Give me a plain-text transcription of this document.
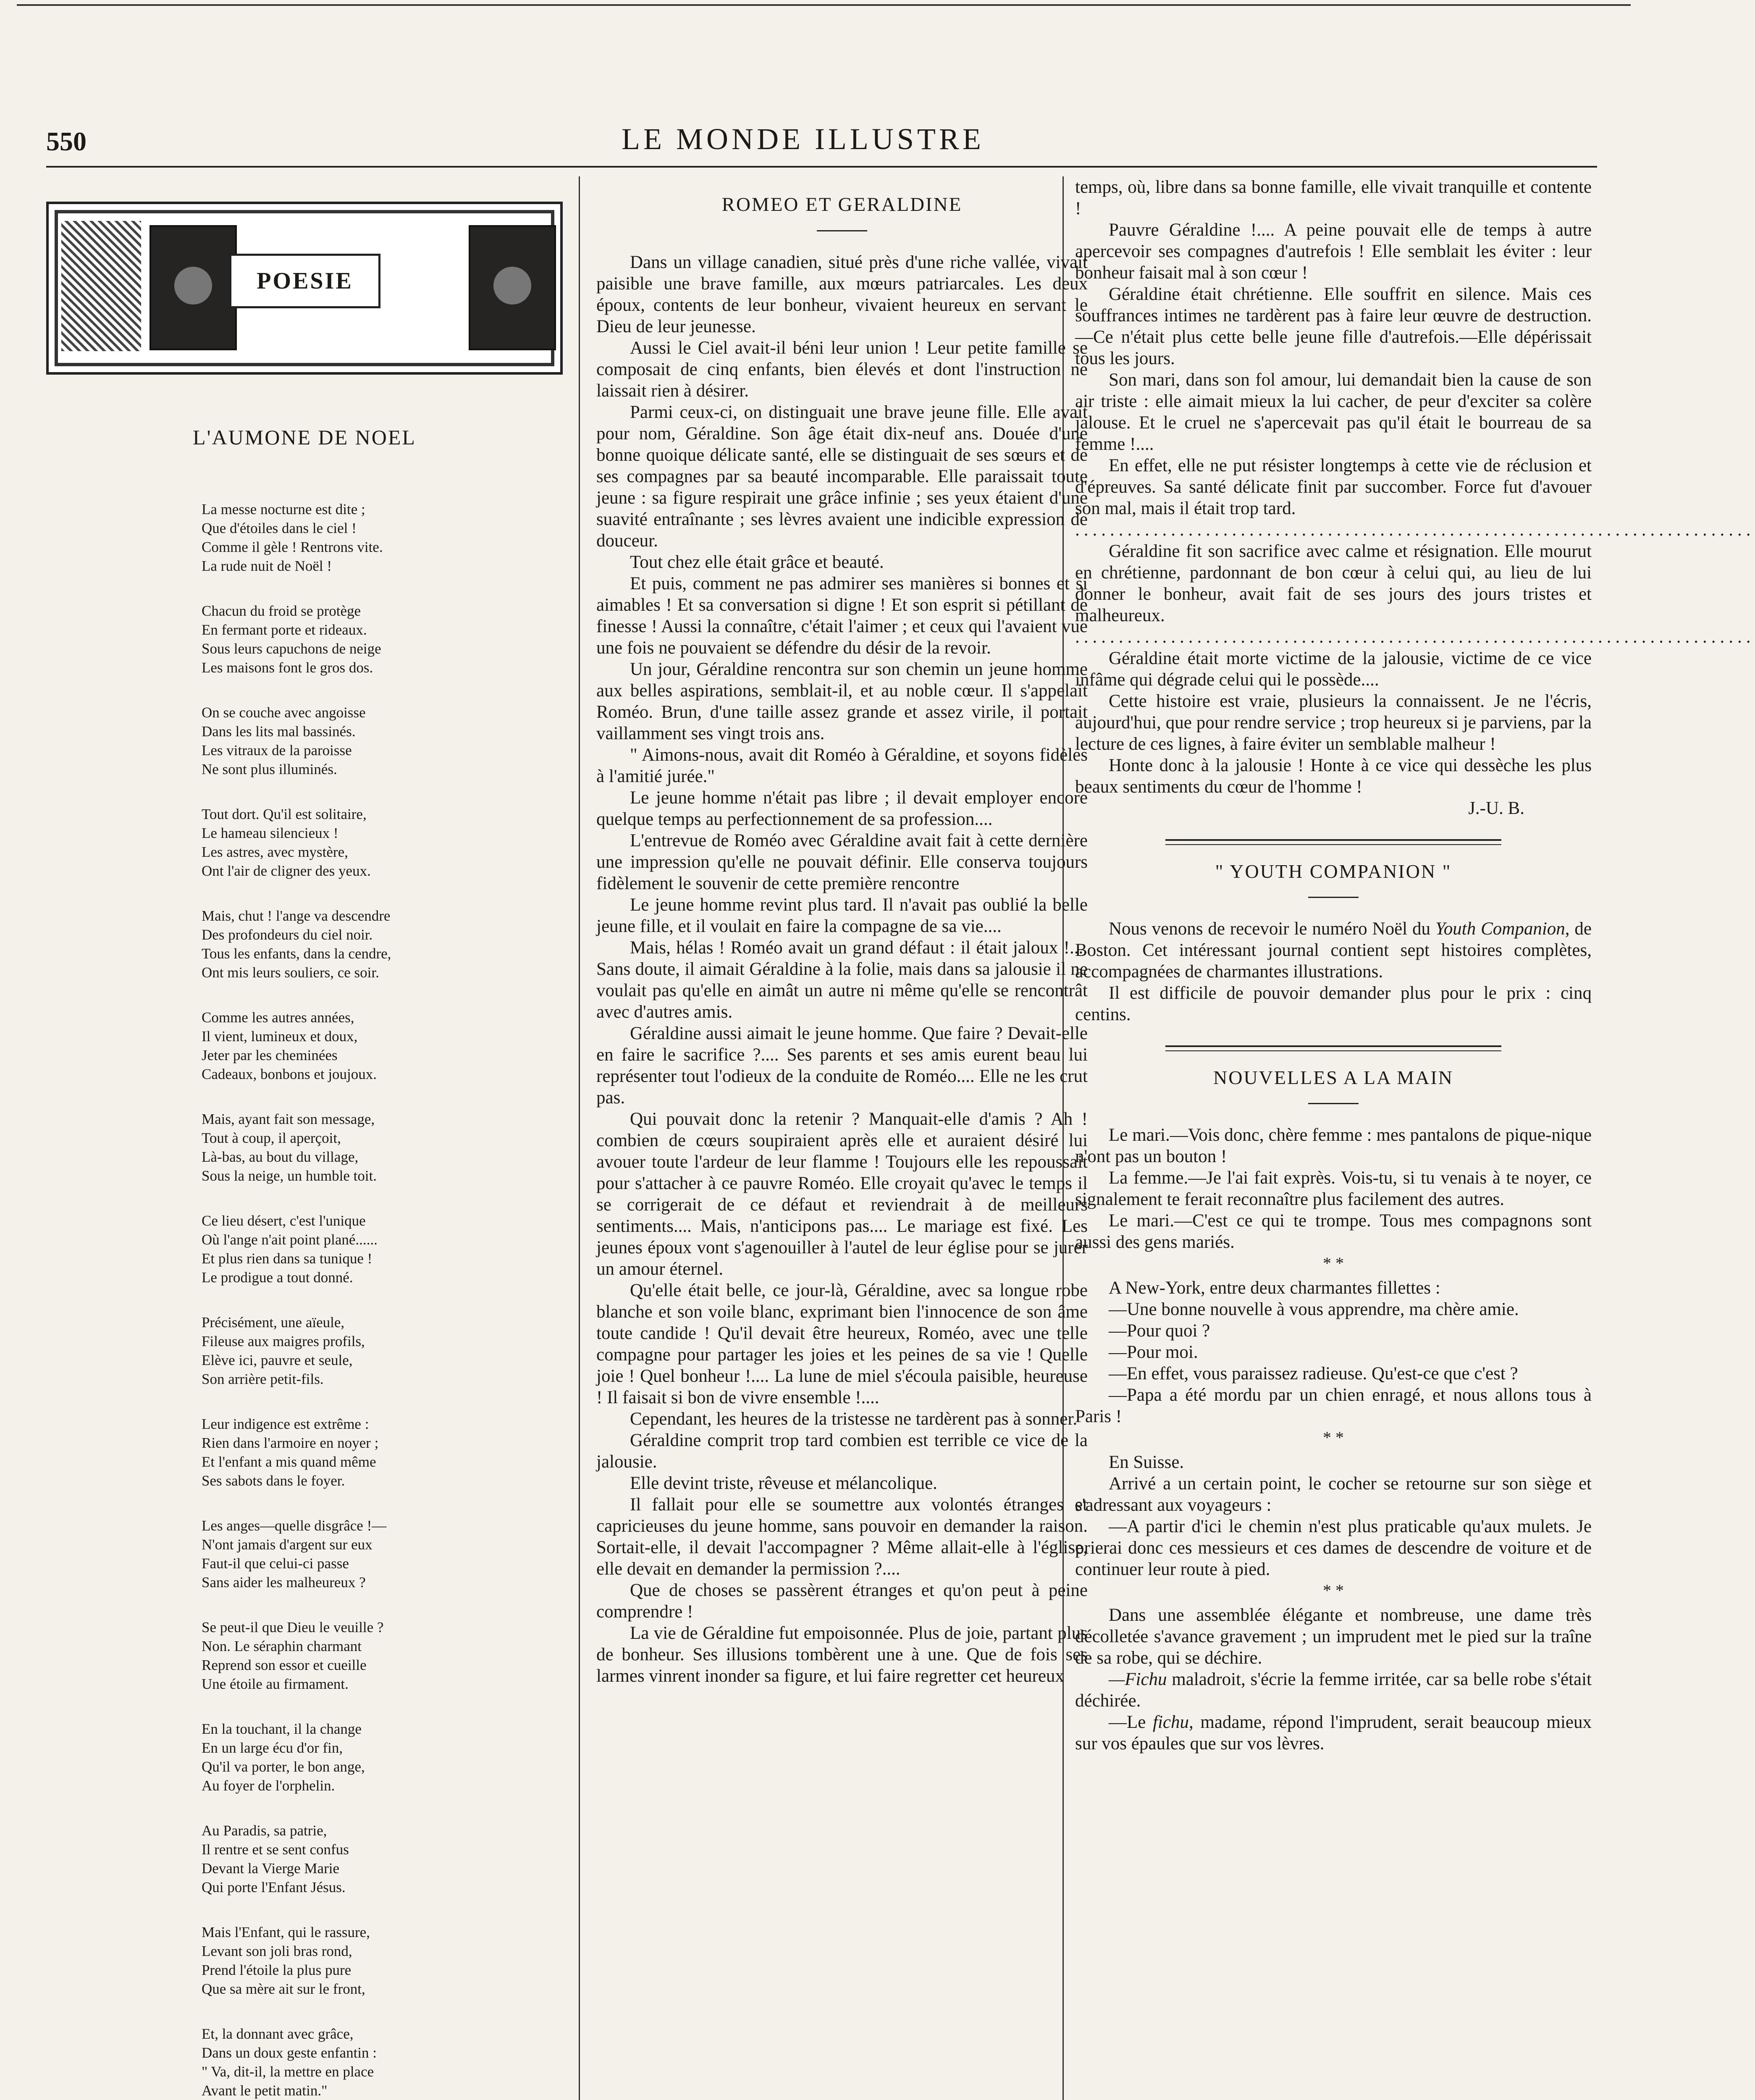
550	LE MONDE ILLUSTRE
POESIE
L'AUMONE DE NOEL
La messe nocturne est dite ;
Que d'étoiles dans le ciel !
Comme il gèle ! Rentrons vite.
La rude nuit de Noël !
Chacun du froid se protège
En fermant porte et rideaux.
Sous leurs capuchons de neige
Les maisons font le gros dos.
On se couche avec angoisse
Dans les lits mal bassinés.
Les vitraux de la paroisse
Ne sont plus illuminés.
Tout dort. Qu'il est solitaire,
Le hameau silencieux !
Les astres, avec mystère,
Ont l'air de cligner des yeux.
Mais, chut ! l'ange va descendre
Des profondeurs du ciel noir.
Tous les enfants, dans la cendre,
Ont mis leurs souliers, ce soir.
Comme les autres années,
Il vient, lumineux et doux,
Jeter par les cheminées
Cadeaux, bonbons et joujoux.
Mais, ayant fait son message,
Tout à coup, il aperçoit,
Là-bas, au bout du village,
Sous la neige, un humble toit.
Ce lieu désert, c'est l'unique
Où l'ange n'ait point plané......
Et plus rien dans sa tunique !
Le prodigue a tout donné.
Précisément, une aïeule,
Fileuse aux maigres profils,
Elève ici, pauvre et seule,
Son arrière petit-fils.
Leur indigence est extrême :
Rien dans l'armoire en noyer ;
Et l'enfant a mis quand même
Ses sabots dans le foyer.
Les anges—quelle disgrâce !—
N'ont jamais d'argent sur eux
Faut-il que celui-ci passe
Sans aider les malheureux ?
Se peut-il que Dieu le veuille ?
Non. Le séraphin charmant
Reprend son essor et cueille
Une étoile au firmament.
En la touchant, il la change
En un large écu d'or fin,
Qu'il va porter, le bon ange,
Au foyer de l'orphelin.
Au Paradis, sa patrie,
Il rentre et se sent confus
Devant la Vierge Marie
Qui porte l'Enfant Jésus.
Mais l'Enfant, qui le rassure,
Levant son joli bras rond,
Prend l'étoile la plus pure
Que sa mère ait sur le front,
Et, la donnant avec grâce,
Dans un doux geste enfantin :
" Va, dit-il, la mettre en place
Avant le petit matin."
ROMEO ET GERALDINE

Dans un village canadien, situé près d'une riche vallée, vivait paisible une brave famille, aux mœurs patriarcales. Les deux époux, contents de leur bonheur, vivaient heureux en servant le Dieu de leur jeunesse.

Aussi le Ciel avait-il béni leur union ! Leur petite famille se composait de cinq enfants, bien élevés et dont l'instruction ne laissait rien à désirer.

Parmi ceux-ci, on distinguait une brave jeune fille. Elle avait pour nom, Géraldine. Son âge était dix-neuf ans. Douée d'une bonne quoique délicate santé, elle se distinguait de ses sœurs et de ses compagnes par sa beauté incomparable. Elle paraissait toute jeune : sa figure respirait une grâce infinie ; ses yeux étaient d'une suavité entraînante ; ses lèvres avaient une indicible expression de douceur.

Tout chez elle était grâce et beauté.

Et puis, comment ne pas admirer ses manières si bonnes et si aimables ! Et sa conversation si digne ! Et son esprit si pétillant de finesse ! Aussi la connaître, c'était l'aimer ; et ceux qui l'avaient vue une fois ne pouvaient se défendre du désir de la revoir.

Un jour, Géraldine rencontra sur son chemin un jeune homme aux belles aspirations, semblait-il, et au noble cœur. Il s'appelait Roméo. Brun, d'une taille assez grande et assez virile, il portait vaillamment ses vingt trois ans.

" Aimons-nous, avait dit Roméo à Géraldine, et soyons fidèles à l'amitié jurée."

Le jeune homme n'était pas libre ; il devait employer encore quelque temps au perfectionnement de sa profession....

L'entrevue de Roméo avec Géraldine avait fait à cette dernière une impression qu'elle ne pouvait définir. Elle conserva toujours fidèlement le souvenir de cette première rencontre

Le jeune homme revint plus tard. Il n'avait pas oublié la belle jeune fille, et il voulait en faire la compagne de sa vie....

Mais, hélas ! Roméo avait un grand défaut : il était jaloux !.... Sans doute, il aimait Géraldine à la folie, mais dans sa jalousie il ne voulait pas qu'elle en aimât un autre ni même qu'elle se rencontrât avec d'autres amis.

Géraldine aussi aimait le jeune homme. Que faire ? Devait-elle en faire le sacrifice ?.... Ses parents et ses amis eurent beau lui représenter tout l'odieux de la conduite de Roméo.... Elle ne les crut pas.

Qui pouvait donc la retenir ? Manquait-elle d'amis ? Ah ! combien de cœurs soupiraient après elle et auraient désiré lui avouer toute l'ardeur de leur flamme ! Toujours elle les repoussait pour s'attacher à ce pauvre Roméo. Elle croyait qu'avec le temps il se corrigerait de ce défaut et reviendrait à de meilleurs sentiments.... Mais, n'anticipons pas.... Le mariage est fixé. Les jeunes époux vont s'agenouiller à l'autel de leur église pour se jurer un amour éternel.

Qu'elle était belle, ce jour-là, Géraldine, avec sa longue robe blanche et son voile blanc, exprimant bien l'innocence de son âme toute candide ! Qu'il devait être heureux, Roméo, avec une telle compagne pour partager les joies et les peines de sa vie ! Quelle joie ! Quel bonheur !.... La lune de miel s'écoula paisible, heureuse ! Il faisait si bon de vivre ensemble !....

Cependant, les heures de la tristesse ne tardèrent pas à sonner.

Géraldine comprit trop tard combien est terrible ce vice de la jalousie.

Elle devint triste, rêveuse et mélancolique.

Il fallait pour elle se soumettre aux volontés étranges et capricieuses du jeune homme, sans pouvoir en demander la raison. Sortait-elle, il devait l'accompagner ? Même allait-elle à l'église, elle devait en demander la permission ?....

Que de choses se passèrent étranges et qu'on peut à peine comprendre !

La vie de Géraldine fut empoisonnée. Plus de joie, partant plus de bonheur. Ses illusions tombèrent une à une. Que de fois ses larmes vinrent inonder sa figure, et lui faire regretter cet heureux

temps, où, libre dans sa bonne famille, elle vivait tranquille et contente !

Pauvre Géraldine !.... A peine pouvait elle de temps à autre apercevoir ses compagnes d'autrefois ! Elle semblait les éviter : leur bonheur faisait mal à son cœur !

Géraldine était chrétienne. Elle souffrit en silence. Mais ces souffrances intimes ne tardèrent pas à faire leur œuvre de destruction.—Ce n'était plus cette belle jeune fille d'autrefois.—Elle dépérissait tous les jours.

Son mari, dans son fol amour, lui demandait bien la cause de son air triste : elle aimait mieux la lui cacher, de peur d'exciter sa colère jalouse. Et le cruel ne s'apercevait pas qu'il était le bourreau de sa femme !....

En effet, elle ne put résister longtemps à cette vie de réclusion et d'épreuves. Sa santé délicate finit par succomber. Force fut d'avouer son mal, mais il était trop tard.

..............................................................................

Géraldine fit son sacrifice avec calme et résignation. Elle mourut en chrétienne, pardonnant de bon cœur à celui qui, au lieu de lui donner le bonheur, avait fait de ses jours des jours tristes et malheureux.

..............................................................................

Géraldine était morte victime de la jalousie, victime de ce vice infâme qui dégrade celui qui le possède....

Cette histoire est vraie, plusieurs la connaissent. Je ne l'écris, aujourd'hui, que pour rendre service ; trop heureux si je parviens, par la lecture de ces lignes, à faire éviter un semblable malheur !

Honte donc à la jalousie ! Honte à ce vice qui dessèche les plus beaux sentiments du cœur de l'homme !

J.-U. B.

" YOUTH COMPANION "

Nous venons de recevoir le numéro Noël du Youth Companion, de Boston. Cet intéressant journal contient sept histoires complètes, accompagnées de charmantes illustrations.

Il est difficile de pouvoir demander plus pour le prix : cinq centins.

NOUVELLES A LA MAIN

Le mari.—Vois donc, chère femme : mes pantalons de pique-nique n'ont pas un bouton !

La femme.—Je l'ai fait exprès. Vois-tu, si tu venais à te noyer, ce signalement te ferait reconnaître plus facilement des autres.

Le mari.—C'est ce qui te trompe. Tous mes compagnons sont aussi des gens mariés.

* *

A New-York, entre deux charmantes fillettes :

—Une bonne nouvelle à vous apprendre, ma chère amie.

—Pour quoi ?

—Pour moi.

—En effet, vous paraissez radieuse. Qu'est-ce que c'est ?

—Papa a été mordu par un chien enragé, et nous allons tous à Paris !

* *

En Suisse.

Arrivé a un certain point, le cocher se retourne sur son siège et s'adressant aux voyageurs :

—A partir d'ici le chemin n'est plus praticable qu'aux mulets. Je prierai donc ces messieurs et ces dames de descendre de voiture et de continuer leur route à pied.

* *

Dans une assemblée élégante et nombreuse, une dame très décolletée s'avance gravement ; un imprudent met le pied sur la traîne de sa robe, qui se déchire.

—Fichu maladroit, s'écrie la femme irritée, car sa belle robe s'était déchirée.

—Le fichu, madame, répond l'imprudent, serait beaucoup mieux sur vos épaules que sur vos lèvres.
